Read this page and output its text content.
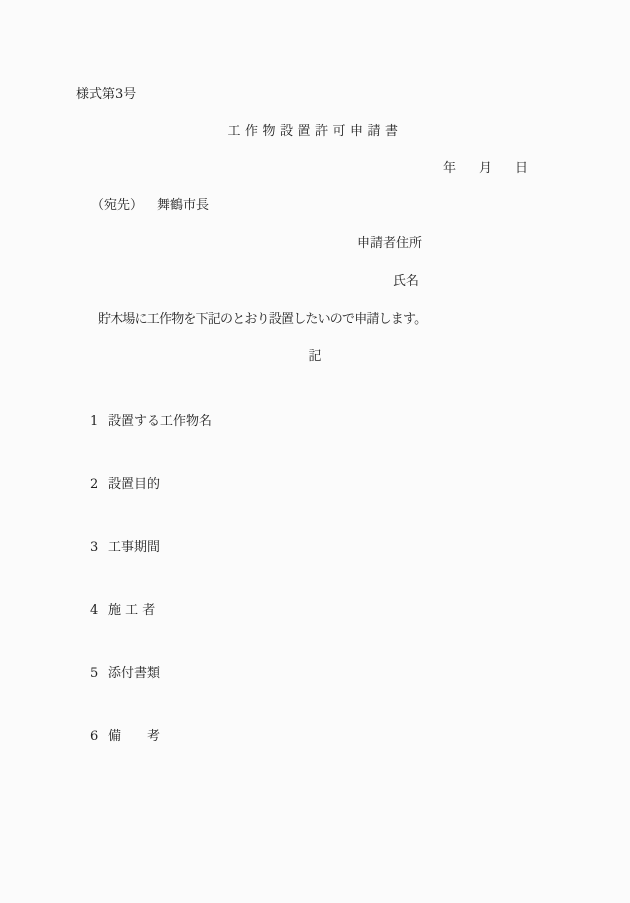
様式第3号
工作物設置許可申請書
年 月 日
（宛先） 舞鶴市長
申請者住所
氏名
貯木場に工作物を下記のとおり設置したいので申請します。
記

1 設置する工作物名

2 設置目的

3 工事期間

4 施 工 者

5 添付書類

6 備　　考
